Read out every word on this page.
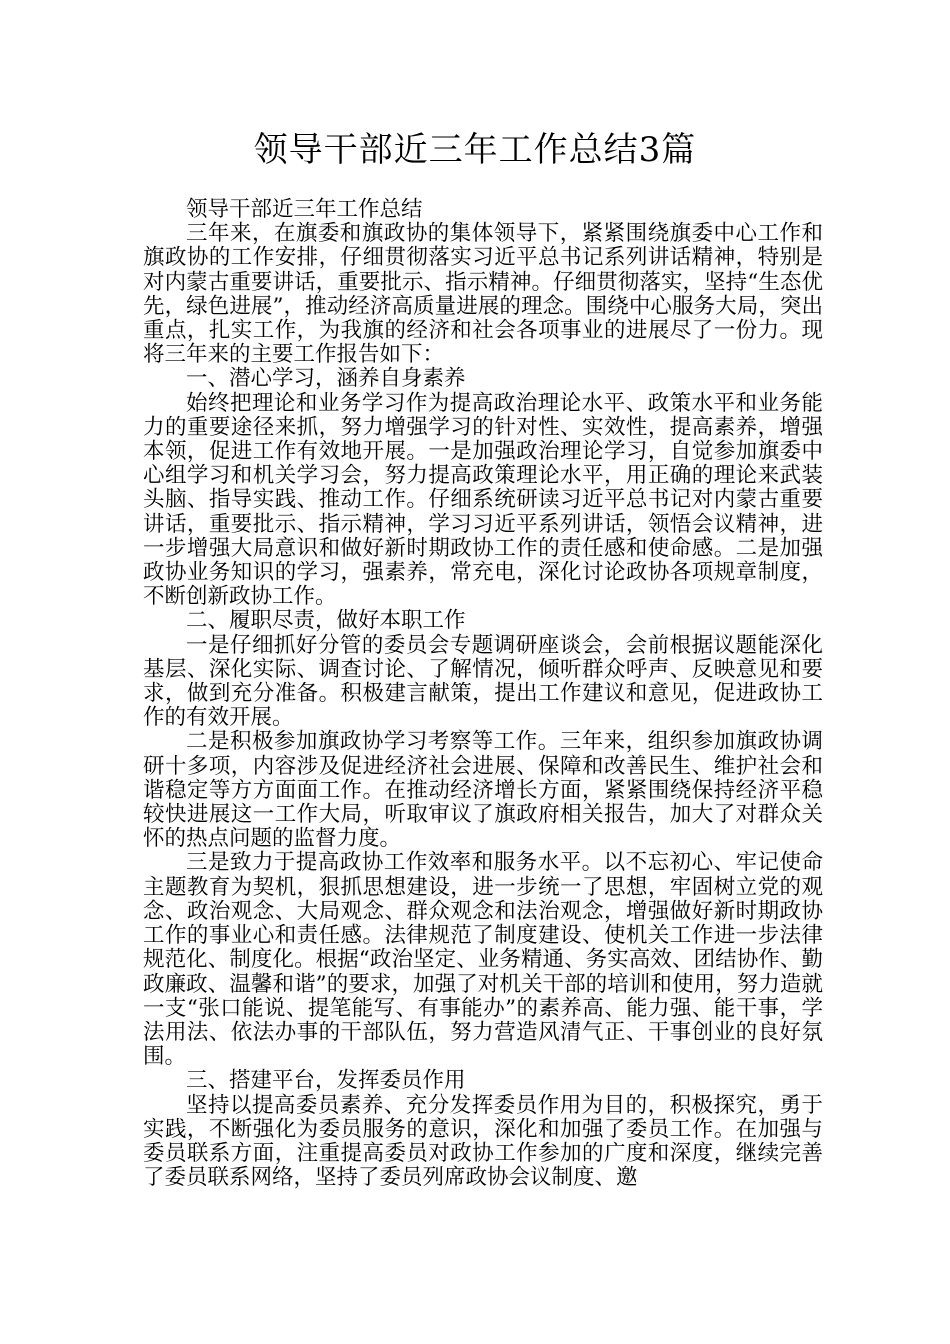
领导干部近三年工作总结3篇

领导干部近三年工作总结

三年来，在旗委和旗政协的集体领导下，紧紧围绕旗委中心工作和旗政协的工作安排，仔细贯彻落实习近平总书记系列讲话精神，特别是对内蒙古重要讲话，重要批示、指示精神。仔细贯彻落实，坚持“生态优先，绿色进展”，推动经济高质量进展的理念。围绕中心服务大局，突出重点，扎实工作，为我旗的经济和社会各项事业的进展尽了一份力。现将三年来的主要工作报告如下：

一、潜心学习，涵养自身素养

始终把理论和业务学习作为提高政治理论水平、政策水平和业务能力的重要途径来抓，努力增强学习的针对性、实效性，提高素养，增强本领，促进工作有效地开展。一是加强政治理论学习，自觉参加旗委中心组学习和机关学习会，努力提高政策理论水平，用正确的理论来武装头脑、指导实践、推动工作。仔细系统研读习近平总书记对内蒙古重要讲话，重要批示、指示精神，学习习近平系列讲话，领悟会议精神，进一步增强大局意识和做好新时期政协工作的责任感和使命感。二是加强政协业务知识的学习，强素养，常充电，深化讨论政协各项规章制度，不断创新政协工作。

二、履职尽责，做好本职工作

一是仔细抓好分管的委员会专题调研座谈会，会前根据议题能深化基层、深化实际、调查讨论、了解情况，倾听群众呼声、反映意见和要求，做到充分准备。积极建言献策，提出工作建议和意见，促进政协工作的有效开展。

二是积极参加旗政协学习考察等工作。三年来，组织参加旗政协调研十多项，内容涉及促进经济社会进展、保障和改善民生、维护社会和谐稳定等方方面面工作。在推动经济增长方面，紧紧围绕保持经济平稳较快进展这一工作大局，听取审议了旗政府相关报告，加大了对群众关怀的热点问题的监督力度。

三是致力于提高政协工作效率和服务水平。以不忘初心、牢记使命主题教育为契机，狠抓思想建设，进一步统一了思想，牢固树立党的观念、政治观念、大局观念、群众观念和法治观念，增强做好新时期政协工作的事业心和责任感。法律规范了制度建设、使机关工作进一步法律规范化、制度化。根据“政治坚定、业务精通、务实高效、团结协作、勤政廉政、温馨和谐”的要求，加强了对机关干部的培训和使用，努力造就一支“张口能说、提笔能写、有事能办”的素养高、能力强、能干事，学法用法、依法办事的干部队伍，努力营造风清气正、干事创业的良好氛围。

三、搭建平台，发挥委员作用

坚持以提高委员素养、充分发挥委员作用为目的，积极探究，勇于实践，不断强化为委员服务的意识，深化和加强了委员工作。在加强与委员联系方面，注重提高委员对政协工作参加的广度和深度，继续完善了委员联系网络，坚持了委员列席政协会议制度、邀
